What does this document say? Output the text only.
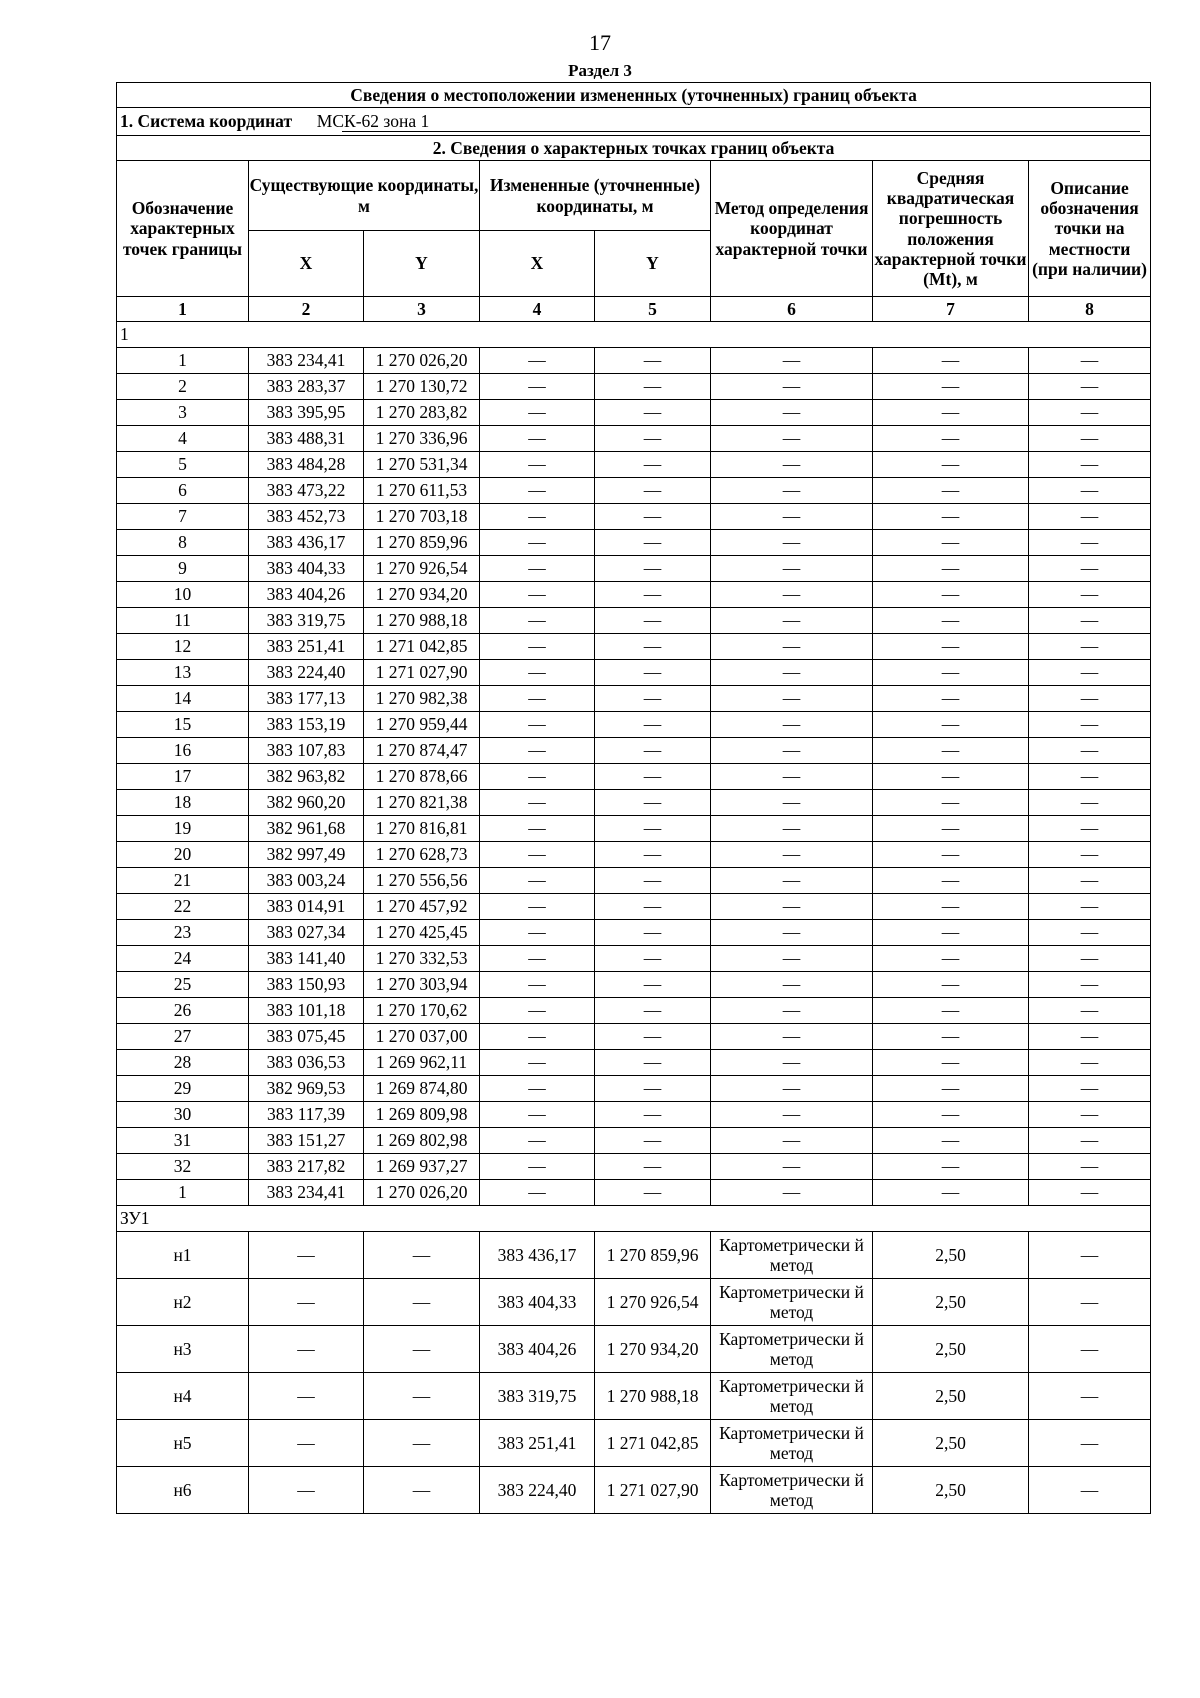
17
Раздел 3
Сведения о местоположении измененных (уточненных) границ объекта							
1. Система координат МСК-62 зона 1							

2. Сведения о характерных точках границ объекта							
Обозначение характерных точек границы	Существующие координаты, м		Измененные (уточненные) координаты, м		Метод определения координат характерной точки	Средняя квадратическая погрешность положения характерной точки (Mt), м	Описание обозначения точки на местности (при наличии)
	X	Y	X	Y			
1	2	3	4	5	6	7	8
1							
1	383 234,41	1 270 026,20	—	—	—	—	—
2	383 283,37	1 270 130,72	—	—	—	—	—
3	383 395,95	1 270 283,82	—	—	—	—	—
4	383 488,31	1 270 336,96	—	—	—	—	—
5	383 484,28	1 270 531,34	—	—	—	—	—
6	383 473,22	1 270 611,53	—	—	—	—	—
7	383 452,73	1 270 703,18	—	—	—	—	—
8	383 436,17	1 270 859,96	—	—	—	—	—
9	383 404,33	1 270 926,54	—	—	—	—	—
10	383 404,26	1 270 934,20	—	—	—	—	—
11	383 319,75	1 270 988,18	—	—	—	—	—
12	383 251,41	1 271 042,85	—	—	—	—	—
13	383 224,40	1 271 027,90	—	—	—	—	—
14	383 177,13	1 270 982,38	—	—	—	—	—
15	383 153,19	1 270 959,44	—	—	—	—	—
16	383 107,83	1 270 874,47	—	—	—	—	—
17	382 963,82	1 270 878,66	—	—	—	—	—
18	382 960,20	1 270 821,38	—	—	—	—	—
19	382 961,68	1 270 816,81	—	—	—	—	—
20	382 997,49	1 270 628,73	—	—	—	—	—
21	383 003,24	1 270 556,56	—	—	—	—	—
22	383 014,91	1 270 457,92	—	—	—	—	—
23	383 027,34	1 270 425,45	—	—	—	—	—
24	383 141,40	1 270 332,53	—	—	—	—	—
25	383 150,93	1 270 303,94	—	—	—	—	—
26	383 101,18	1 270 170,62	—	—	—	—	—
27	383 075,45	1 270 037,00	—	—	—	—	—
28	383 036,53	1 269 962,11	—	—	—	—	—
29	382 969,53	1 269 874,80	—	—	—	—	—
30	383 117,39	1 269 809,98	—	—	—	—	—
31	383 151,27	1 269 802,98	—	—	—	—	—
32	383 217,82	1 269 937,27	—	—	—	—	—
1	383 234,41	1 270 026,20	—	—	—	—	—
ЗУ1							
н1	—	—	383 436,17	1 270 859,96	Картометрически й метод	2,50	—
н2	—	—	383 404,33	1 270 926,54	Картометрически й метод	2,50	—
н3	—	—	383 404,26	1 270 934,20	Картометрически й метод	2,50	—
н4	—	—	383 319,75	1 270 988,18	Картометрически й метод	2,50	—
н5	—	—	383 251,41	1 271 042,85	Картометрически й метод	2,50	—
н6	—	—	383 224,40	1 271 027,90	Картометрически й метод	2,50	—
